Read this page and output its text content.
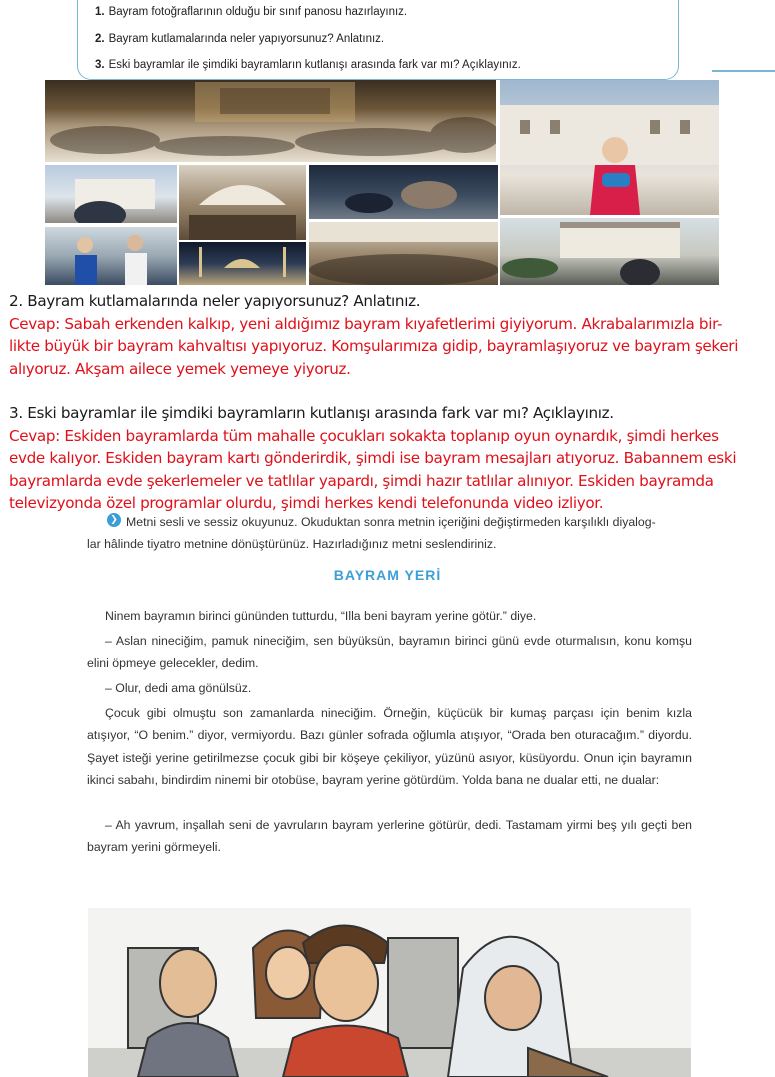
1. Bayram fotoğraflarının olduğu bir sınıf panosu hazırlayınız.
2. Bayram kutlamalarında neler yapıyorsunuz? Anlatınız.
3. Eski bayramlar ile şimdiki bayramların kutlanışı arasında fark var mı? Açıklayınız.
2. Bayram kutlamalarında neler yapıyorsunuz? Anlatınız.
Cevap: Sabah erkenden kalkıp, yeni aldığımız bayram kıyafetlerimi giyiyorum. Akrabalarımızla bir-
likte büyük bir bayram kahvaltısı yapıyoruz. Komşularımıza gidip, bayramlaşıyoruz ve bayram şekeri
alıyoruz. Akşam ailece yemek yemeye yiyoruz.
3. Eski bayramlar ile şimdiki bayramların kutlanışı arasında fark var mı? Açıklayınız.
Cevap: Eskiden bayramlarda tüm mahalle çocukları sokakta toplanıp oyun oynardık, şimdi herkes
evde kalıyor. Eskiden bayram kartı gönderirdik, şimdi ise bayram mesajları atıyoruz. Babannem eski
bayramlarda evde şekerlemeler ve tatlılar yapardı, şimdi hazır tatlılar alınıyor. Eskiden bayramda
televizyonda özel programlar olurdu, şimdi herkes kendi telefonunda video izliyor.
❯ Metni sesli ve sessiz okuyunuz. Okuduktan sonra metnin içeriğini değiştirmeden karşılıklı diyalog-
lar hâlinde tiyatro metnine dönüştürünüz. Hazırladığınız metni seslendiriniz.
BAYRAM YERİ
Ninem bayramın birinci gününden tutturdu, “Illa beni bayram yerine götür.” diye.
– Aslan nineciğim, pamuk nineciğim, sen büyüksün, bayramın birinci günü evde oturmalısın, konu komşu elini öpmeye gelecekler, dedim.
– Olur, dedi ama gönülsüz.
Çocuk gibi olmuştu son zamanlarda nineciğim. Örneğin, küçücük bir kumaş parçası için benim kızla atışıyor, “O benim.” diyor, vermiyordu. Bazı günler sofrada oğlumla atışıyor, “Orada ben oturacağım.” diyordu. Şayet isteği yerine getirilmezse çocuk gibi bir köşeye çekiliyor, yüzünü asıyor, küsüyordu. Onun için bayramın ikinci sabahı, bindirdim ninemi bir otobüse, bayram yerine götürdüm. Yolda bana ne dualar etti, ne dualar:
– Ah yavrum, inşallah seni de yavruların bayram yerlerine götürür, dedi. Tastamam yirmi beş yılı geçti ben bayram yerini görmeyeli.
